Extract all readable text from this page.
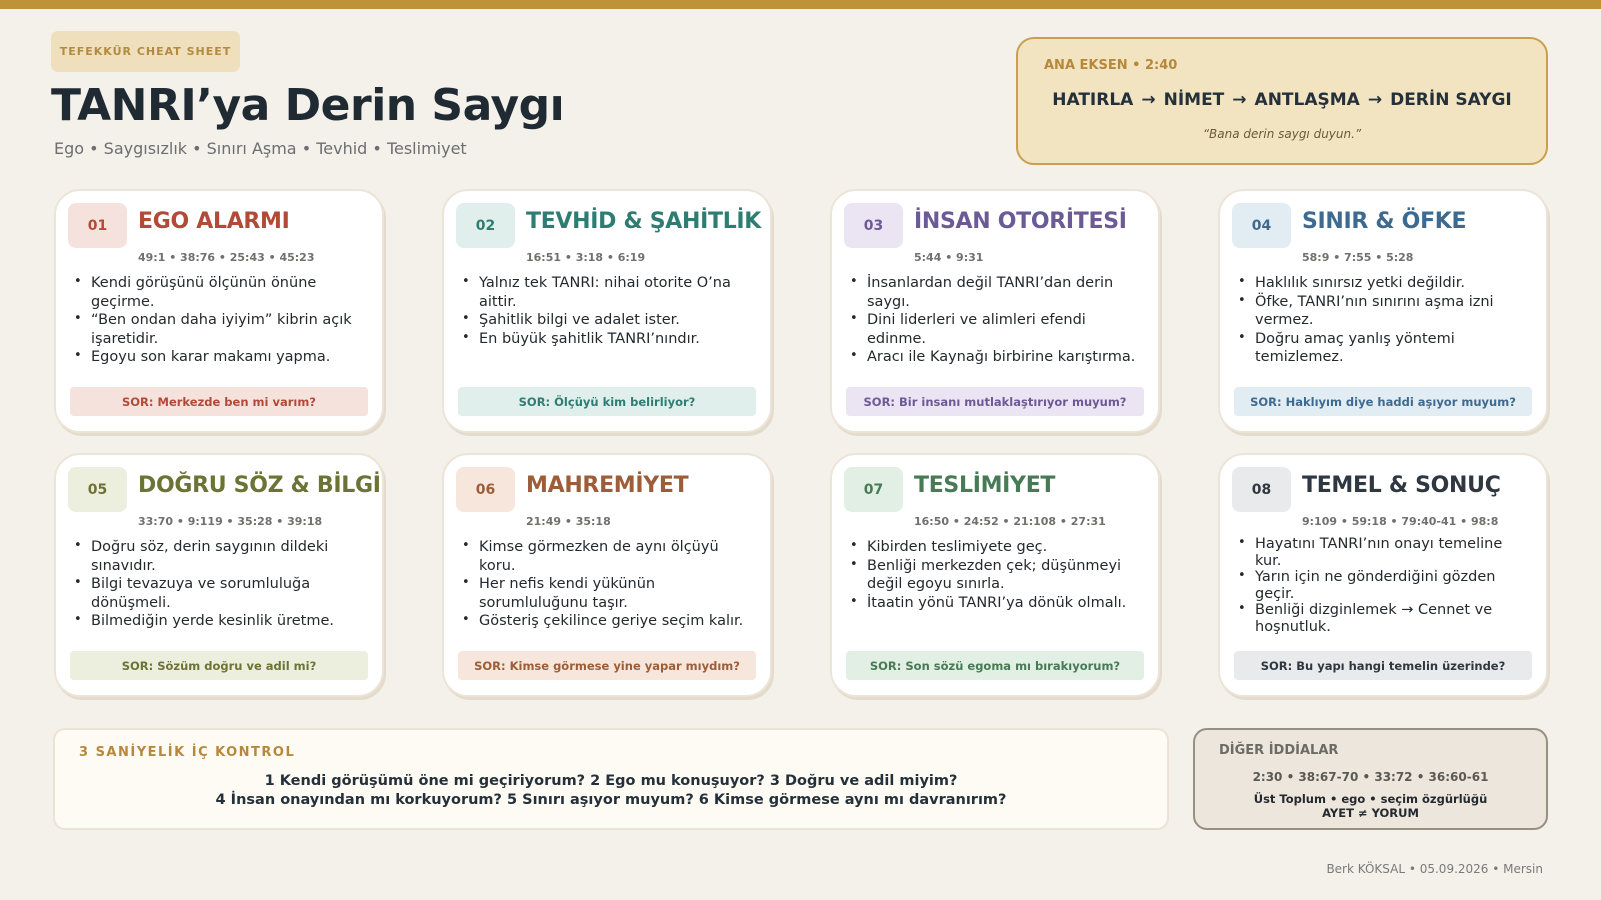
TEFEKKÜR CHEAT SHEET
TANRI’ya Derin Saygı
Ego • Saygısızlık • Sınırı Aşma • Tevhid • Teslimiyet
ANA EKSEN • 2:40
HATIRLA → NİMET → ANTLAŞMA → DERİN SAYGI
“Bana derin saygı duyun.”
01	EGO ALARMI
49:1 • 38:76 • 25:43 • 45:23
• Kendi görüşünü ölçünün önüne geçirme.
• “Ben ondan daha iyiyim” kibrin açık işaretidir.
• Egoyu son karar makamı yapma.
SOR: Merkezde ben mi varım?
02	TEVHİD & ŞAHİTLİK
16:51 • 3:18 • 6:19
• Yalnız tek TANRI: nihai otorite O’na aittir.
• Şahitlik bilgi ve adalet ister.
• En büyük şahitlik TANRI’nındır.
SOR: Ölçüyü kim belirliyor?
03	İNSAN OTORİTESİ
5:44 • 9:31
• İnsanlardan değil TANRI’dan derin saygı.
• Dini liderleri ve alimleri efendi edinme.
• Aracı ile Kaynağı birbirine karıştırma.
SOR: Bir insanı mutlaklaştırıyor muyum?
04	SINIR & ÖFKE
58:9 • 7:55 • 5:28
• Haklılık sınırsız yetki değildir.
• Öfke, TANRI’nın sınırını aşma izni vermez.
• Doğru amaç yanlış yöntemi temizlemez.
SOR: Haklıyım diye haddi aşıyor muyum?
05	DOĞRU SÖZ & BİLGİ
33:70 • 9:119 • 35:28 • 39:18
• Doğru söz, derin saygının dildeki sınavıdır.
• Bilgi tevazuya ve sorumluluğa dönüşmeli.
• Bilmediğin yerde kesinlik üretme.
SOR: Sözüm doğru ve adil mi?
06	MAHREMİYET
21:49 • 35:18
• Kimse görmezken de aynı ölçüyü koru.
• Her nefis kendi yükünün sorumluluğunu taşır.
• Gösteriş çekilince geriye seçim kalır.
SOR: Kimse görmese yine yapar mıydım?
07	TESLİMİYET
16:50 • 24:52 • 21:108 • 27:31
• Kibirden teslimiyete geç.
• Benliği merkezden çek; düşünmeyi değil egoyu sınırla.
• İtaatin yönü TANRI’ya dönük olmalı.
SOR: Son sözü egoma mı bırakıyorum?
08	TEMEL & SONUÇ
9:109 • 59:18 • 79:40-41 • 98:8
• Hayatını TANRI’nın onayı temeline kur.
• Yarın için ne gönderdiğini gözden geçir.
• Benliği dizginlemek → Cennet ve hoşnutluk.
SOR: Bu yapı hangi temelin üzerinde?
3 SANİYELİK İÇ KONTROL
1 Kendi görüşümü öne mi geçiriyorum? 2 Ego mu konuşuyor? 3 Doğru ve adil miyim?
4 İnsan onayından mı korkuyorum? 5 Sınırı aşıyor muyum? 6 Kimse görmese aynı mı davranırım?
DİĞER İDDİALAR
2:30 • 38:67-70 • 33:72 • 36:60-61
Üst Toplum • ego • seçim özgürlüğü
AYET ≠ YORUM
Berk KÖKSAL • 05.09.2026 • Mersin
